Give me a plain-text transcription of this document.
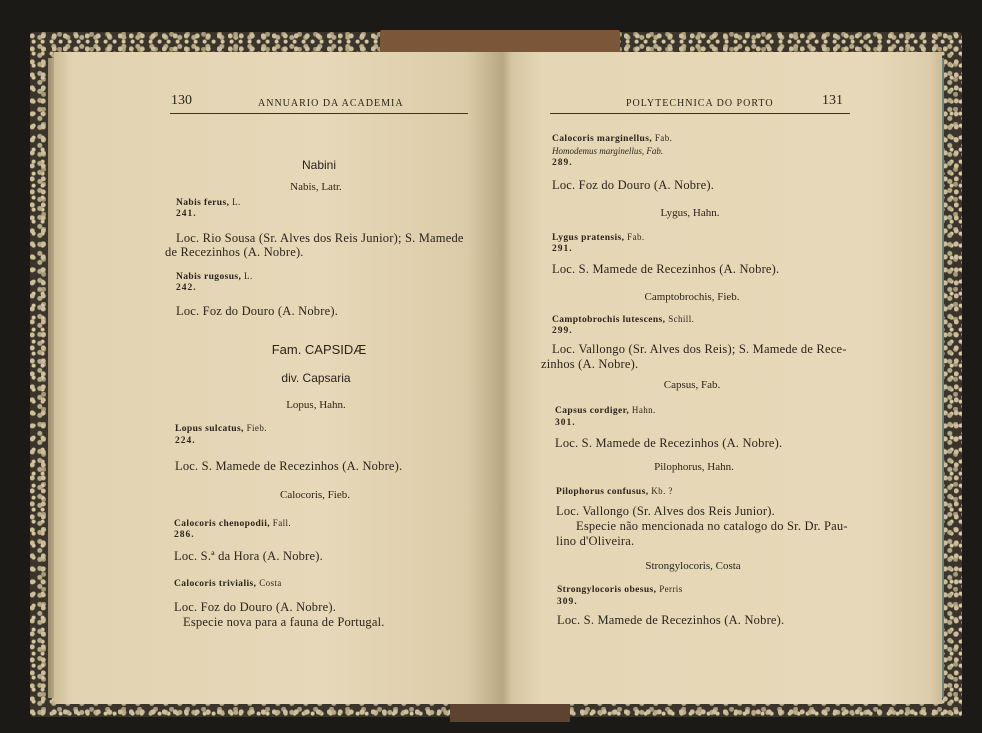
130	ANNUARIO DA ACADEMIA
Nabini
Nabis, Latr.
Nabis ferus, L.
241.
Loc. Rio Sousa (Sr. Alves dos Reis Junior); S. Mamede
de Recezinhos (A. Nobre).
Nabis rugosus, L.
242.
Loc. Foz do Douro (A. Nobre).
Fam. CAPSIDÆ
div. Capsaria
Lopus, Hahn.
Lopus sulcatus, Fieb.
224.
Loc. S. Mamede de Recezinhos (A. Nobre).
Calocoris, Fieb.
Calocoris chenopodii, Fall.
286.
Loc. S.ª da Hora (A. Nobre).
Calocoris trivialis, Costa
Loc. Foz do Douro (A. Nobre).
Especie nova para a fauna de Portugal.
POLYTECHNICA DO PORTO	131
Calocoris marginellus, Fab.
Homodemus marginellus, Fab.
289.
Loc. Foz do Douro (A. Nobre).
Lygus, Hahn.
Lygus pratensis, Fab.
291.
Loc. S. Mamede de Recezinhos (A. Nobre).
Camptobrochis, Fieb.
Camptobrochis lutescens, Schill.
299.
Loc. Vallongo (Sr. Alves dos Reis); S. Mamede de Rece-
zinhos (A. Nobre).
Capsus, Fab.
Capsus cordiger, Hahn.
301.
Loc. S. Mamede de Recezinhos (A. Nobre).
Pilophorus, Hahn.
Pilophorus confusus, Kb. ?
Loc. Vallongo (Sr. Alves dos Reis Junior).
Especie não mencionada no catalogo do Sr. Dr. Pau-
lino d'Oliveira.
Strongylocoris, Costa
Strongylocoris obesus, Perris
309.
Loc. S. Mamede de Recezinhos (A. Nobre).
